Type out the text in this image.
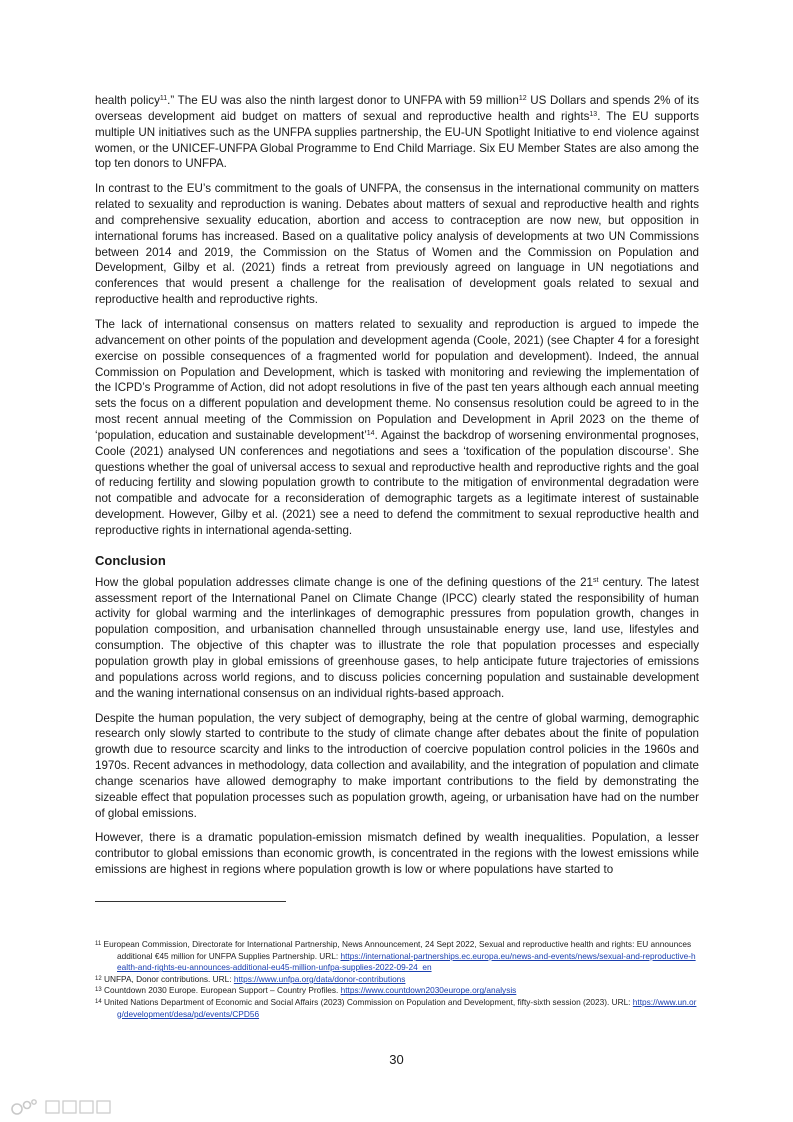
health policy$^{11}$.” The EU was also the ninth largest donor to UNFPA with 59 million$^{12}$ US Dollars and spends 2% of its overseas development aid budget on matters of sexual and reproductive health and rights$^{13}$. The EU supports multiple UN initiatives such as the UNFPA supplies partnership, the EU-UN Spotlight Initiative to end violence against women, or the UNICEF-UNFPA Global Programme to End Child Marriage. Six EU Member States are also among the top ten donors to UNFPA.

In contrast to the EU’s commitment to the goals of UNFPA, the consensus in the international community on matters related to sexuality and reproduction is waning. Debates about matters of sexual and reproductive health and rights and comprehensive sexuality education, abortion and access to contraception are now new, but opposition in international forums has increased. Based on a qualitative policy analysis of developments at two UN Commissions between 2014 and 2019, the Commission on the Status of Women and the Commission on Population and Development, Gilby et al. (2021) finds a retreat from previously agreed on language in UN negotiations and conferences that would present a challenge for the realisation of development goals related to sexual and reproductive health and reproductive rights.

The lack of international consensus on matters related to sexuality and reproduction is argued to impede the advancement on other points of the population and development agenda (Coole, 2021) (see Chapter 4 for a foresight exercise on possible consequences of a fragmented world for population and development). Indeed, the annual Commission on Population and Development, which is tasked with monitoring and reviewing the implementation of the ICPD’s Programme of Action, did not adopt resolutions in five of the past ten years although each annual meeting sets the focus on a different population and development theme. No consensus resolution could be agreed to in the most recent annual meeting of the Commission on Population and Development in April 2023 on the theme of ‘population, education and sustainable development’$^{14}$. Against the backdrop of worsening environmental prognoses, Coole (2021) analysed UN conferences and negotiations and sees a ‘toxification of the population discourse’. She questions whether the goal of universal access to sexual and reproductive health and reproductive rights and the goal of reducing fertility and slowing population growth to contribute to the mitigation of environmental degradation were not compatible and advocate for a reconsideration of demographic targets as a legitimate interest of sustainable development. However, Gilby et al. (2021) see a need to defend the commitment to sexual reproductive health and reproductive rights in international agenda-setting.

Conclusion

How the global population addresses climate change is one of the defining questions of the 21st century. The latest assessment report of the International Panel on Climate Change (IPCC) clearly stated the responsibility of human activity for global warming and the interlinkages of demographic pressures from population growth, changes in population composition, and urbanisation channelled through unsustainable energy use, land use, lifestyles and consumption. The objective of this chapter was to illustrate the role that population processes and especially population growth play in global emissions of greenhouse gases, to help anticipate future trajectories of emissions and populations across world regions, and to discuss policies concerning population and sustainable development and the waning international consensus on an individual rights-based approach.

Despite the human population, the very subject of demography, being at the centre of global warming, demographic research only slowly started to contribute to the study of climate change after debates about the finite of population growth due to resource scarcity and links to the introduction of coercive population control policies in the 1960s and 1970s. Recent advances in methodology, data collection and availability, and the integration of population and climate change scenarios have allowed demography to make important contributions to the field by demonstrating the sizeable effect that population processes such as population growth, ageing, or urbanisation have had on the number of global emissions.

However, there is a dramatic population-emission mismatch defined by wealth inequalities. Population, a lesser contributor to global emissions than economic growth, is concentrated in the regions with the lowest emissions while emissions are highest in regions where population growth is low or where populations have started to

$^{11}$ European Commission, Directorate for International Partnership, News Announcement, 24 Sept 2022, Sexual and reproductive health and rights: EU announces additional €45 million for UNFPA Supplies Partnership. URL: https://international-partnerships.ec.europa.eu/news-and-events/news/sexual-and-reproductive-health-and-rights-eu-announces-additional-eu45-million-unfpa-supplies-2022-09-24_en

$^{12}$ UNFPA, Donor contributions. URL: https://www.unfpa.org/data/donor-contributions

$^{13}$ Countdown 2030 Europe. European Support – Country Profiles. https://www.countdown2030europe.org/analysis

$^{14}$ United Nations Department of Economic and Social Affairs (2023) Commission on Population and Development, fifty-sixth session (2023). URL: https://www.un.org/development/desa/pd/events/CPD56

30
